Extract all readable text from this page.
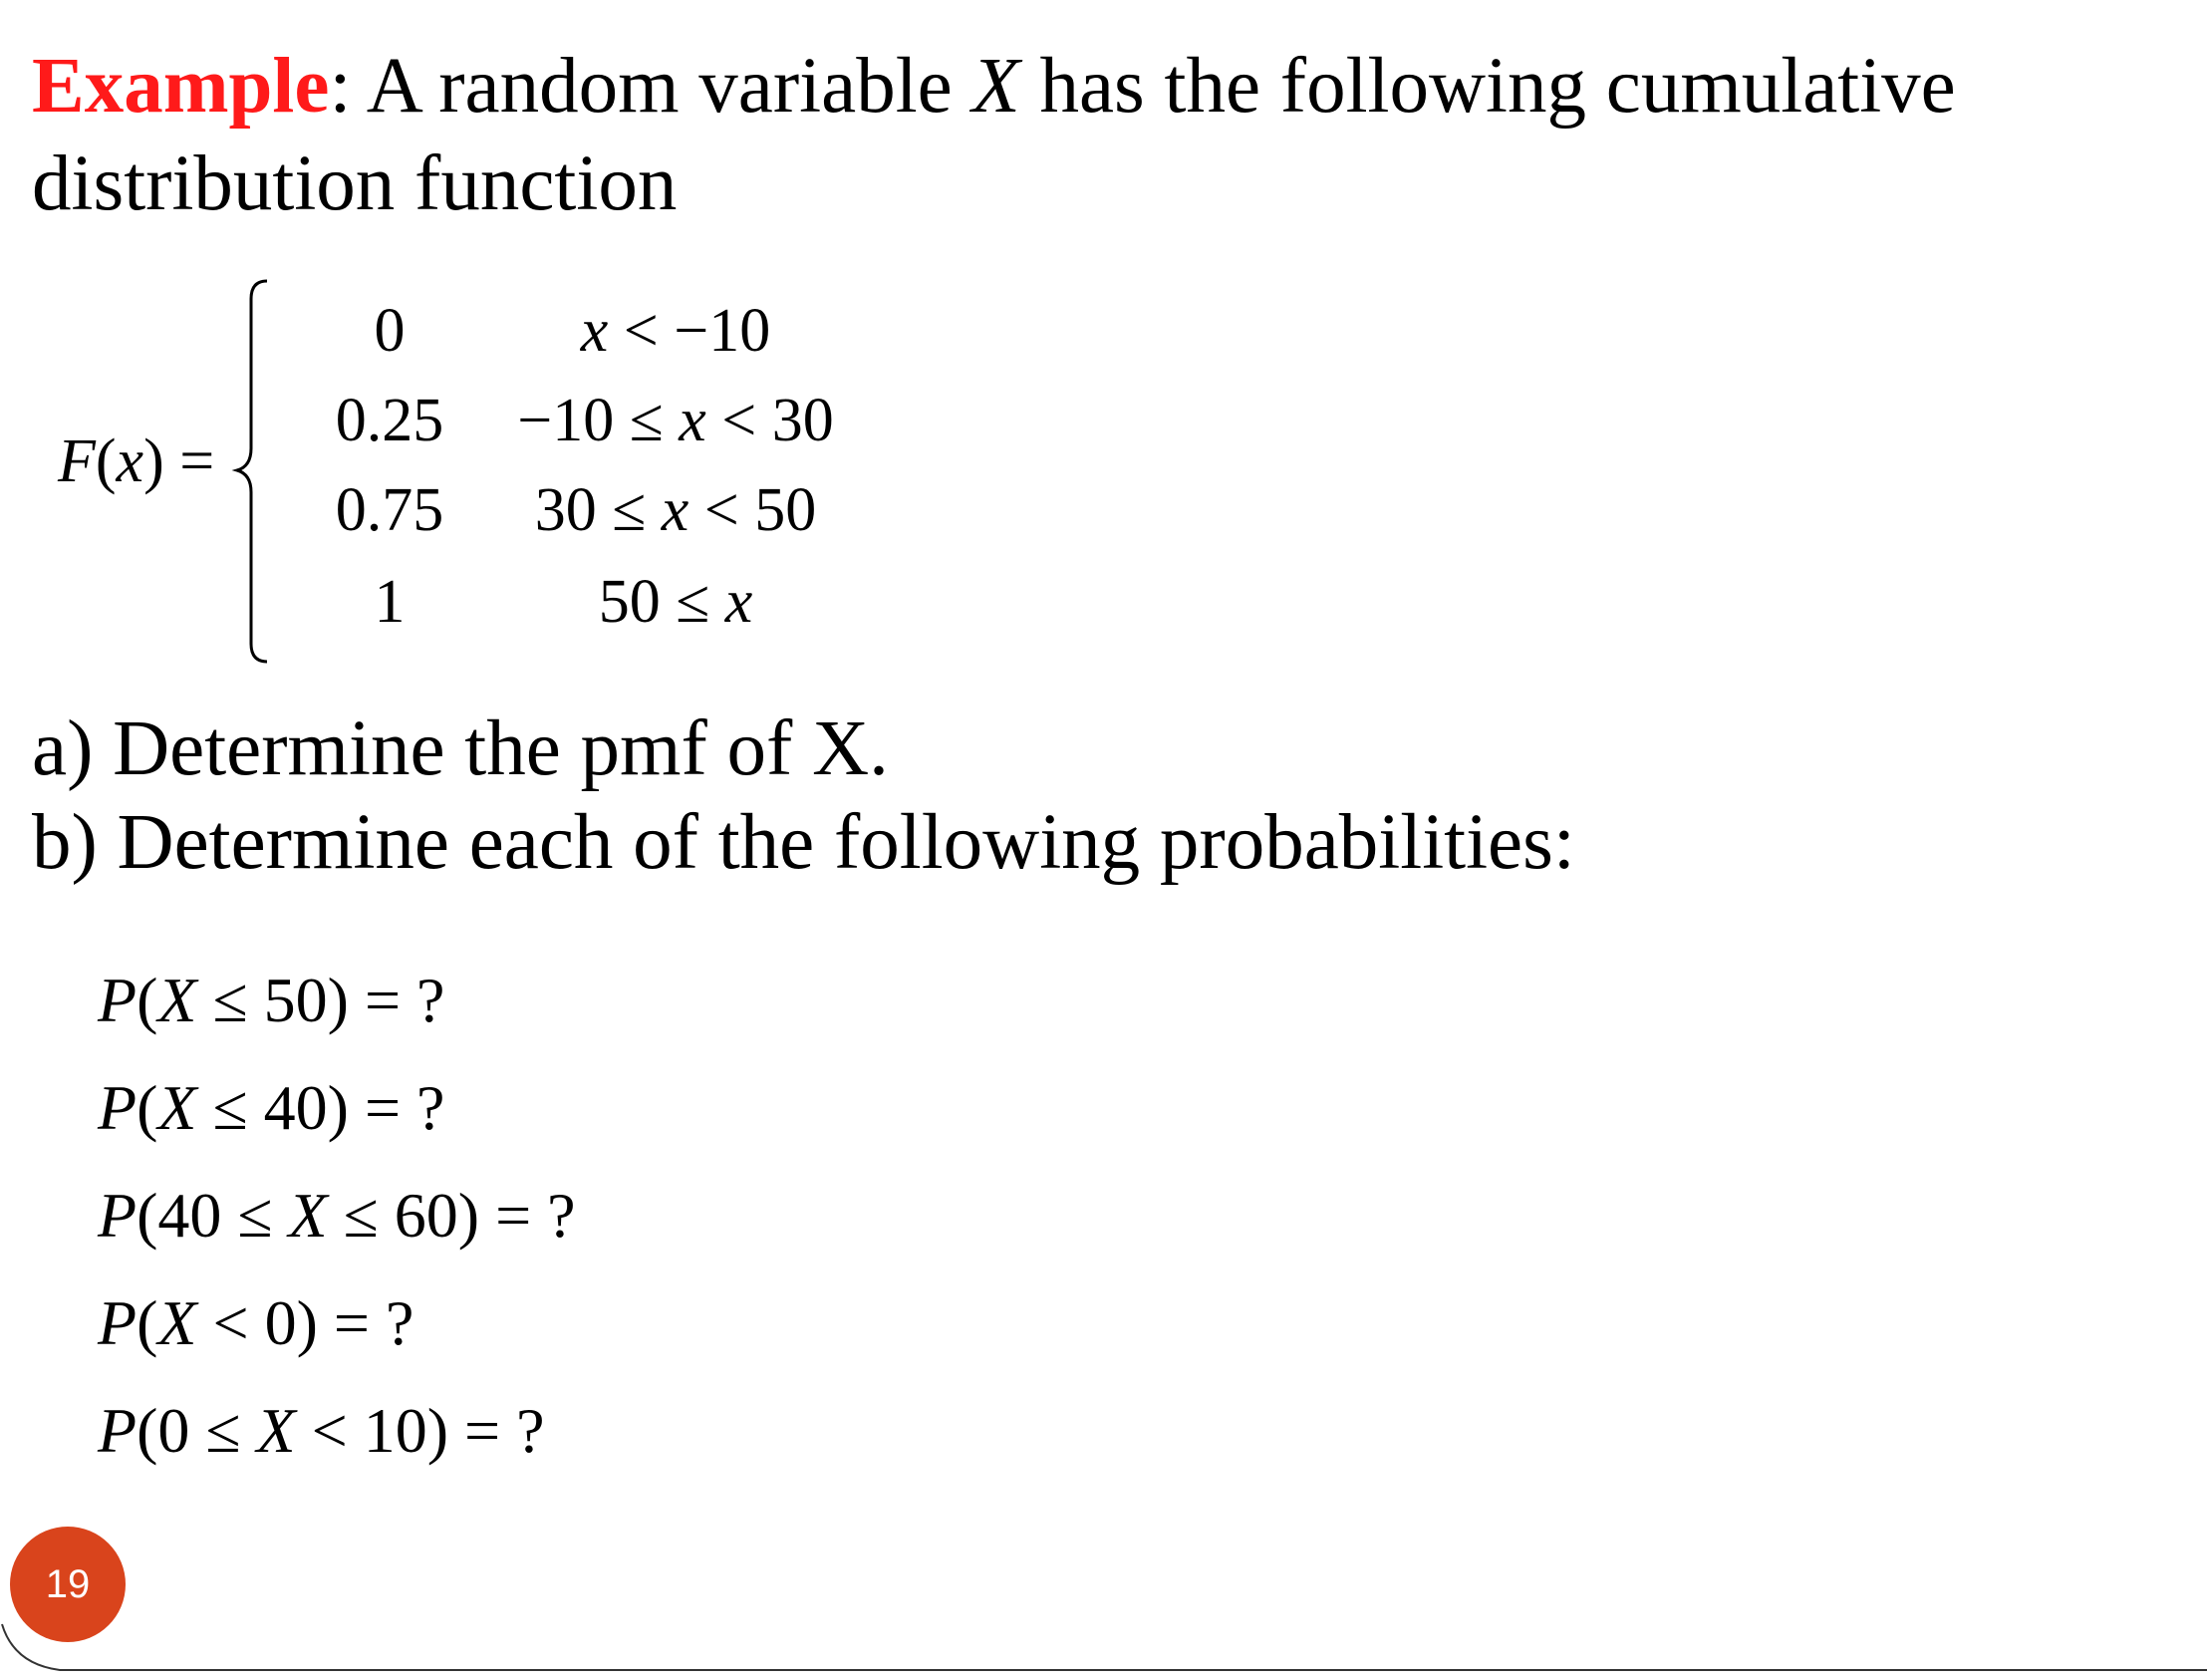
Example: A random variable X has the following cumulative distribution function

F(x) =
0	x < −10
0.25	−10 ≤ x < 30
0.75	30 ≤ x < 50
1	50 ≤ x
a) Determine the pmf of X.
b) Determine each of the following probabilities:
P(X ≤ 50) = ?
P(X ≤ 40) = ?
P(40 ≤ X ≤ 60) = ?
P(X < 0) = ?
P(0 ≤ X < 10) = ?
19
